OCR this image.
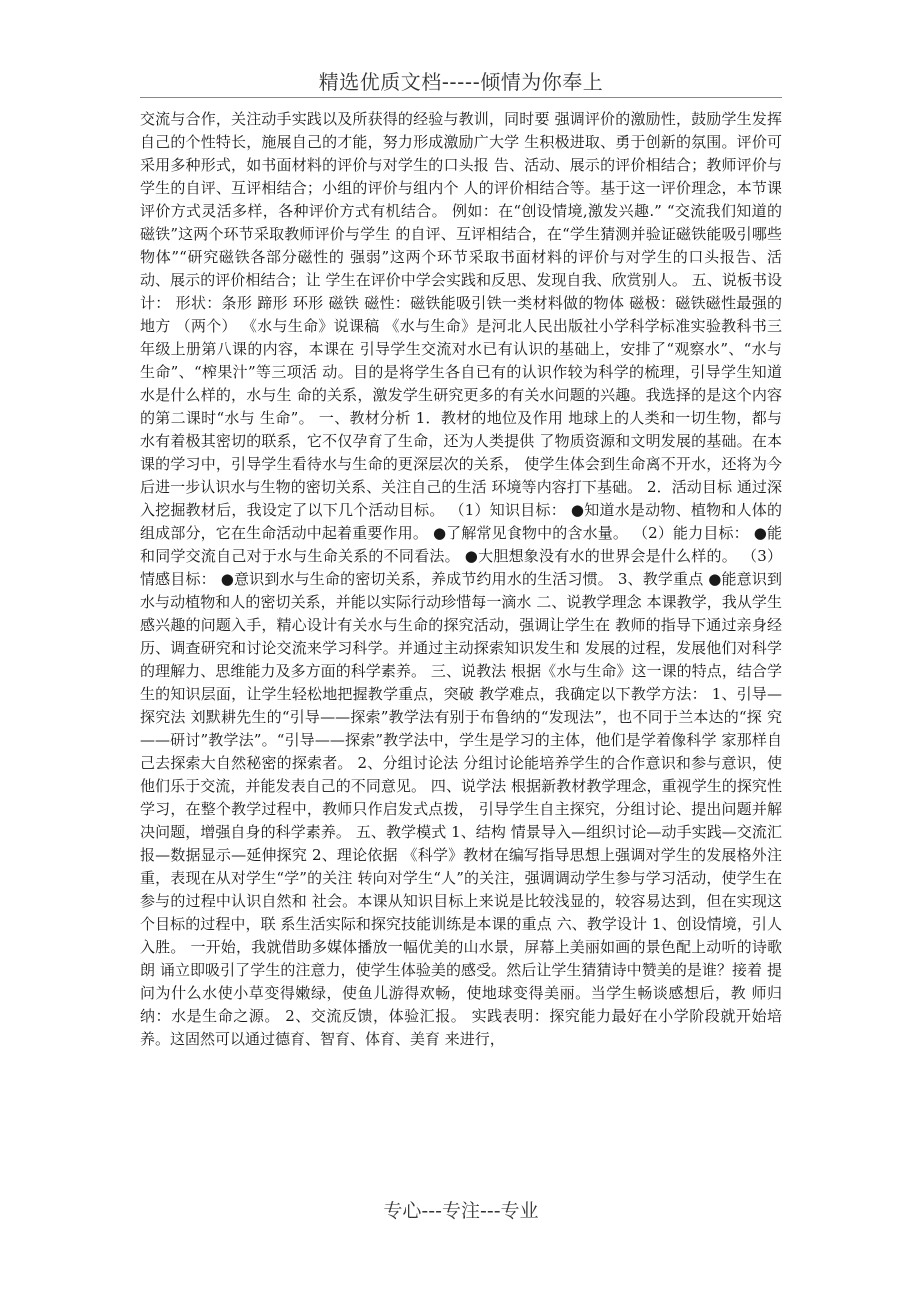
精选优质文档-----倾情为你奉上
交流与合作，关注动手实践以及所获得的经验与教训，同时要 强调评价的激励性，鼓励学生发挥自己的个性特长，施展自己的才能，努力形成激励广大学 生积极进取、勇于创新的氛围。评价可采用多种形式，如书面材料的评价与对学生的口头报 告、活动、展示的评价相结合；教师评价与学生的自评、互评相结合；小组的评价与组内个 人的评价相结合等。基于这一评价理念，本节课评价方式灵活多样，各种评价方式有机结合。 例如：在“创设情境,激发兴趣.” “交流我们知道的磁铁”这两个环节采取教师评价与学生 的自评、互评相结合，在“学生猜测并验证磁铁能吸引哪些物体”“研究磁铁各部分磁性的 强弱”这两个环节采取书面材料的评价与对学生的口头报告、活动、展示的评价相结合；让 学生在评价中学会实践和反思、发现自我、欣赏别人。 五、说板书设计： 形状：条形 蹄形 环形 磁铁 磁性：磁铁能吸引铁一类材料做的物体 磁极：磁铁磁性最强的地方 （两个） 《水与生命》说课稿 《水与生命》是河北人民出版社小学科学标准实验教科书三年级上册第八课的内容，本课在 引导学生交流对水已有认识的基础上，安排了“观察水”、“水与生命”、“榨果汁”等三项活 动。目的是将学生各自已有的认识作较为科学的梳理，引导学生知道水是什么样的，水与生 命的关系，激发学生研究更多的有关水问题的兴趣。我选择的是这个内容的第二课时“水与 生命”。 一、教材分析 1．教材的地位及作用 地球上的人类和一切生物，都与水有着极其密切的联系，它不仅孕育了生命，还为人类提供 了物质资源和文明发展的基础。在本课的学习中，引导学生看待水与生命的更深层次的关系， 使学生体会到生命离不开水，还将为今后进一步认识水与生物的密切关系、关注自己的生活 环境等内容打下基础。 2．活动目标 通过深入挖掘教材后，我设定了以下几个活动目标。 （1）知识目标： ●知道水是动物、植物和人体的组成部分，它在生命活动中起着重要作用。 ●了解常见食物中的含水量。 （2）能力目标： ●能和同学交流自己对于水与生命关系的不同看法。 ●大胆想象没有水的世界会是什么样的。 （3）情感目标： ●意识到水与生命的密切关系，养成节约用水的生活习惯。 3、教学重点 ●能意识到水与动植物和人的密切关系，并能以实际行动珍惜每一滴水 二、说教学理念 本课教学，我从学生感兴趣的问题入手，精心设计有关水与生命的探究活动，强调让学生在 教师的指导下通过亲身经历、调查研究和讨论交流来学习科学。并通过主动探索知识发生和 发展的过程，发展他们对科学的理解力、思维能力及多方面的科学素养。 三、说教法 根据《水与生命》这一课的特点，结合学生的知识层面，让学生轻松地把握教学重点，突破 教学难点，我确定以下教学方法： 1、引导—探究法 刘默耕先生的“引导——探索”教学法有别于布鲁纳的“发现法”，也不同于兰本达的“探 究——研讨”教学法”。“引导——探索”教学法中，学生是学习的主体，他们是学着像科学 家那样自己去探索大自然秘密的探索者。 2、分组讨论法 分组讨论能培养学生的合作意识和参与意识，使他们乐于交流，并能发表自己的不同意见。 四、说学法 根据新教材教学理念，重视学生的探究性学习，在整个教学过程中，教师只作启发式点拨， 引导学生自主探究，分组讨论、提出问题并解决问题，增强自身的科学素养。 五、教学模式 1、结构 情景导入—组织讨论—动手实践—交流汇报—数据显示—延伸探究 2、理论依据 《科学》教材在编写指导思想上强调对学生的发展格外注重，表现在从对学生“学”的关注 转向对学生“人”的关注，强调调动学生参与学习活动，使学生在参与的过程中认识自然和 社会。本课从知识目标上来说是比较浅显的，较容易达到，但在实现这个目标的过程中，联 系生活实际和探究技能训练是本课的重点 六、教学设计 1、创设情境，引人入胜。 一开始，我就借助多媒体播放一幅优美的山水景，屏幕上美丽如画的景色配上动听的诗歌朗 诵立即吸引了学生的注意力，使学生体验美的感受。然后让学生猜猜诗中赞美的是谁？接着 提问为什么水使小草变得嫩绿，使鱼儿游得欢畅，使地球变得美丽。当学生畅谈感想后，教 师归纳：水是生命之源。 2、交流反馈，体验汇报。 实践表明：探究能力最好在小学阶段就开始培养。这固然可以通过德育、智育、体育、美育 来进行，
专心---专注---专业
